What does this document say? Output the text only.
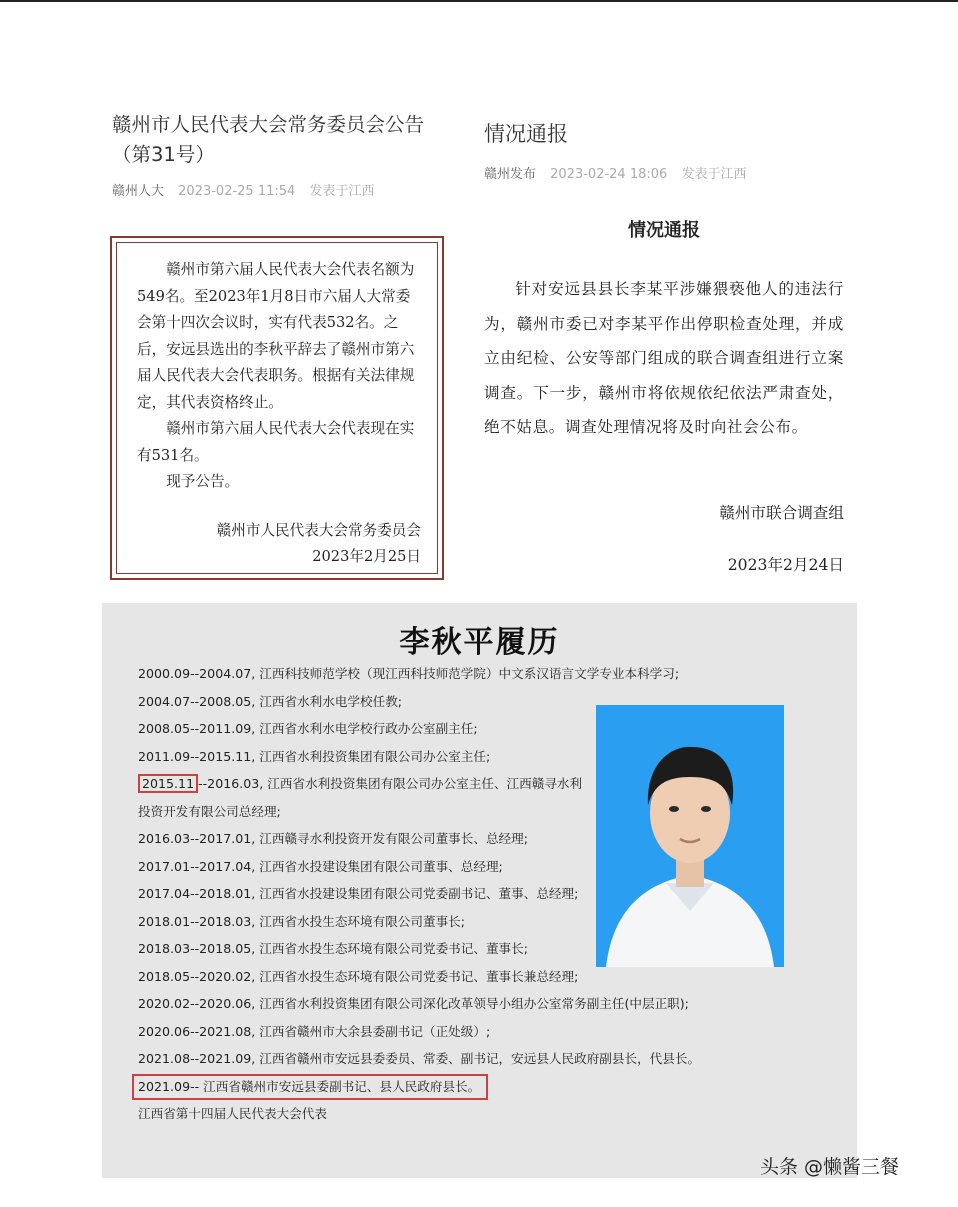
赣州市人民代表大会常务委员会公告（第31号）
赣州人大 2023-02-25 11:54 发表于江西

赣州市第六届人民代表大会代表名额为549名。至2023年1月8日市六届人大常委会第十四次会议时，实有代表532名。之后，安远县选出的李秋平辞去了赣州市第六届人民代表大会代表职务。根据有关法律规定，其代表资格终止。

赣州市第六届人民代表大会代表现在实有531名。

现予公告。

赣州市人民代表大会常务委员会

2023年2月25日

情况通报
赣州发布 2023-02-24 18:06 发表于江西
情况通报
针对安远县县长李某平涉嫌猥亵他人的违法行为，赣州市委已对李某平作出停职检查处理，并成立由纪检、公安等部门组成的联合调查组进行立案调查。下一步，赣州市将依规依纪依法严肃查处，绝不姑息。调查处理情况将及时向社会公布。
赣州市联合调查组
2023年2月24日
李秋平履历
2000.09--2004.07, 江西科技师范学校（现江西科技师范学院）中文系汉语言文学专业本科学习;
2004.07--2008.05, 江西省水利水电学校任教;
2008.05--2011.09, 江西省水利水电学校行政办公室副主任;
2011.09--2015.11, 江西省水利投资集团有限公司办公室主任;
2015.11 --2016.03, 江西省水利投资集团有限公司办公室主任、江西赣寻水利投资开发有限公司总经理;
2016.03--2017.01, 江西赣寻水利投资开发有限公司董事长、总经理;
2017.01--2017.04, 江西省水投建设集团有限公司董事、总经理;
2017.04--2018.01, 江西省水投建设集团有限公司党委副书记、董事、总经理;
2018.01--2018.03, 江西省水投生态环境有限公司董事长;
2018.03--2018.05, 江西省水投生态环境有限公司党委书记、董事长;
2018.05--2020.02, 江西省水投生态环境有限公司党委书记、董事长兼总经理;
2020.02--2020.06, 江西省水利投资集团有限公司深化改革领导小组办公室常务副主任(中层正职);
2020.06--2021.08, 江西省赣州市大余县委副书记（正处级）;
2021.08--2021.09, 江西省赣州市安远县委委员、常委、副书记，安远县人民政府副县长，代县长。
2021.09-- 江西省赣州市安远县委副书记、县人民政府县长。
江西省第十四届人民代表大会代表
头条 @懒酱三餐
